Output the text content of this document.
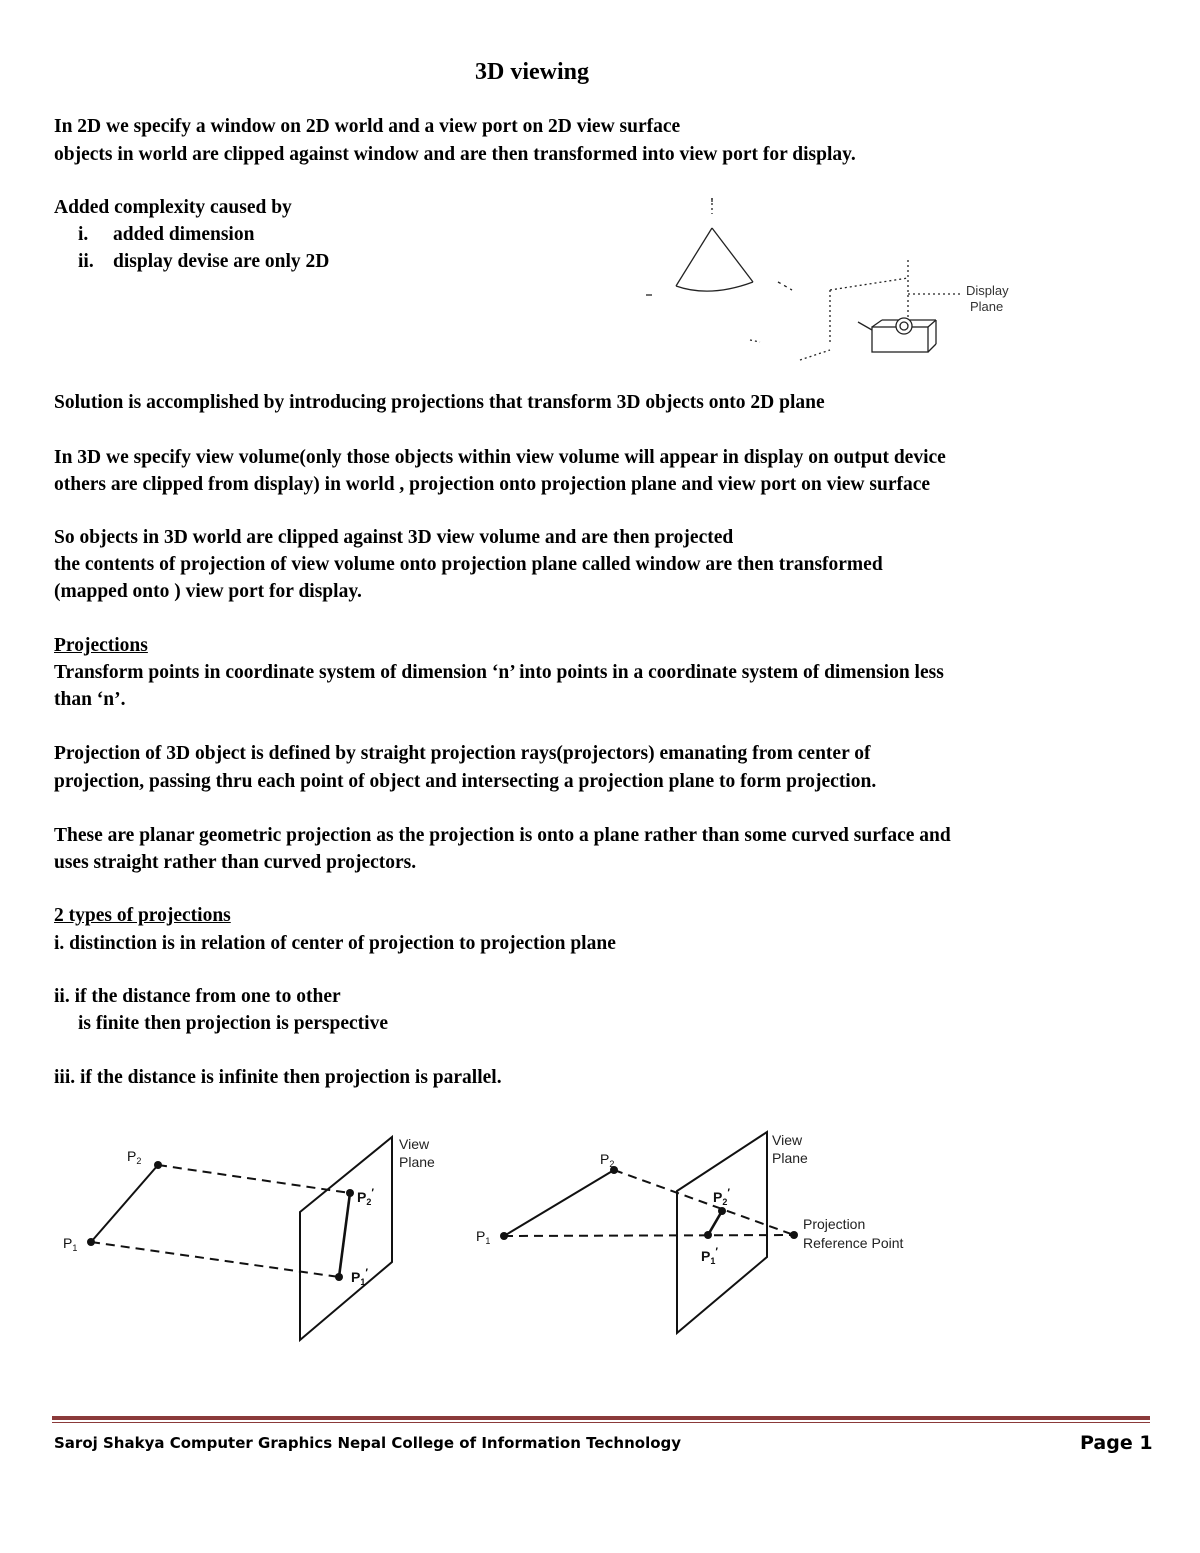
3D viewing
In 2D we specify a window on 2D world and a view port on 2D view surface
objects in world are clipped against window and are then transformed into view port for display.
Added complexity caused by
i. added dimension
ii. display devise are only 2D
Display
Plane
Solution is accomplished by introducing projections that transform 3D objects onto 2D plane
In 3D we specify view volume(only those objects within view volume will appear in display on output device
others are clipped from display) in world , projection onto projection plane and view port on view surface
So objects in 3D world are clipped against 3D view volume and are then projected
the contents of projection of view volume onto projection plane called window are then transformed
(mapped onto ) view port for display.
Projections
Transform points in coordinate system of dimension ‘n’ into points in a coordinate system of dimension less
than ‘n’.
Projection of 3D object is defined by straight projection rays(projectors) emanating from center of
projection, passing thru each point of object and intersecting a projection plane to form projection.
These are planar geometric projection as the projection is onto a plane rather than some curved surface and
uses straight rather than curved projectors.
2 types of projections
i. distinction is in relation of center of projection to projection plane
ii. if the distance from one to other
is finite then projection is perspective
iii. if the distance is infinite then projection is parallel.
$P_1$
$P_2$
$P_2'$
$P_1'$
View
Plane
$P_1$
$P_2$
$P_2'$
$P_1'$
View
Plane
Projection
Reference Point
Saroj Shakya Computer Graphics Nepal College of Information Technology	Page 1
